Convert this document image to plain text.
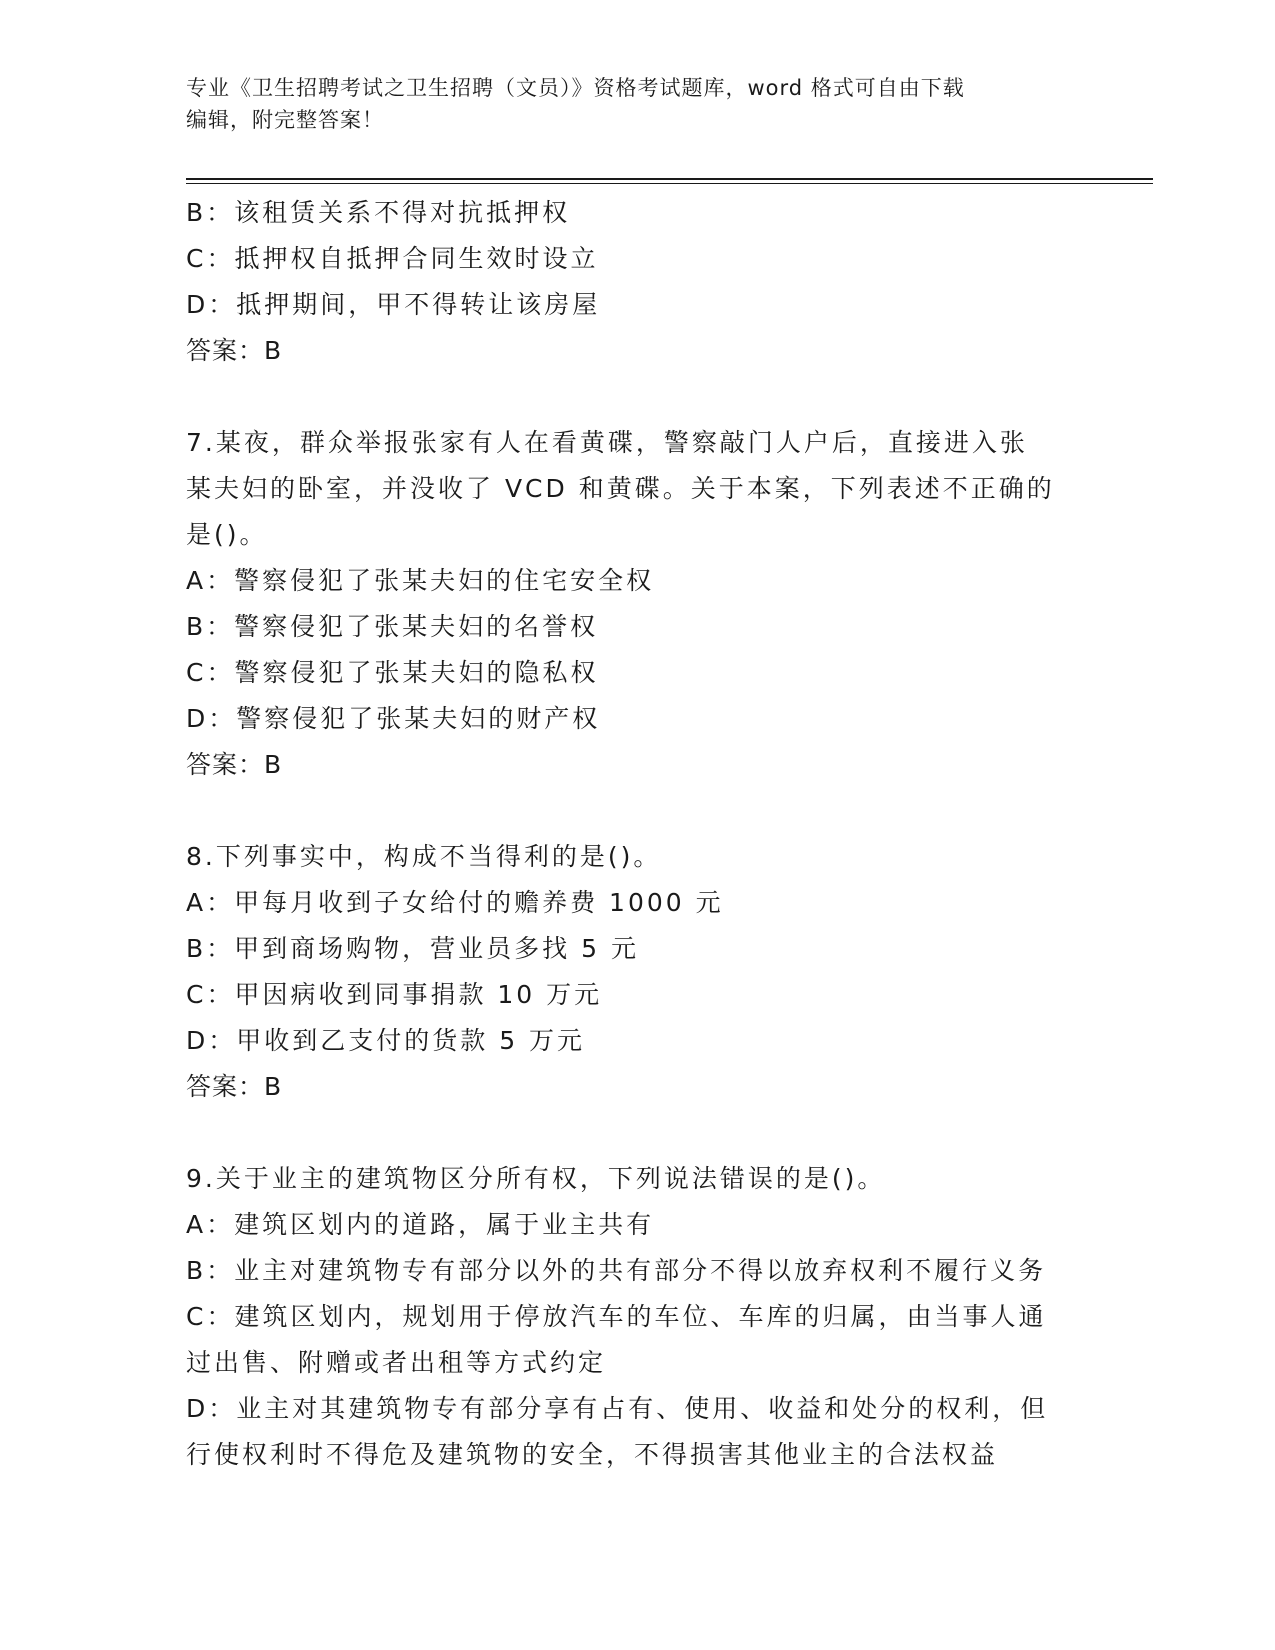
专业《卫生招聘考试之卫生招聘（文员）》资格考试题库，word 格式可自由下载
编辑，附完整答案！
B：该租赁关系不得对抗抵押权
C：抵押权自抵押合同生效时设立
D：抵押期间，甲不得转让该房屋
答案：B
7.某夜，群众举报张家有人在看黄碟，警察敲门人户后，直接进入张
某夫妇的卧室，并没收了 VCD 和黄碟。关于本案，下列表述不正确的
是()。
A：警察侵犯了张某夫妇的住宅安全权
B：警察侵犯了张某夫妇的名誉权
C：警察侵犯了张某夫妇的隐私权
D：警察侵犯了张某夫妇的财产权
答案：B
8.下列事实中，构成不当得利的是()。
A：甲每月收到子女给付的赡养费 1000 元
B：甲到商场购物，营业员多找 5 元
C：甲因病收到同事捐款 10 万元
D：甲收到乙支付的货款 5 万元
答案：B
9.关于业主的建筑物区分所有权，下列说法错误的是()。
A：建筑区划内的道路，属于业主共有
B：业主对建筑物专有部分以外的共有部分不得以放弃权利不履行义务
C：建筑区划内，规划用于停放汽车的车位、车库的归属，由当事人通
过出售、附赠或者出租等方式约定
D：业主对其建筑物专有部分享有占有、使用、收益和处分的权利，但
行使权利时不得危及建筑物的安全，不得损害其他业主的合法权益
